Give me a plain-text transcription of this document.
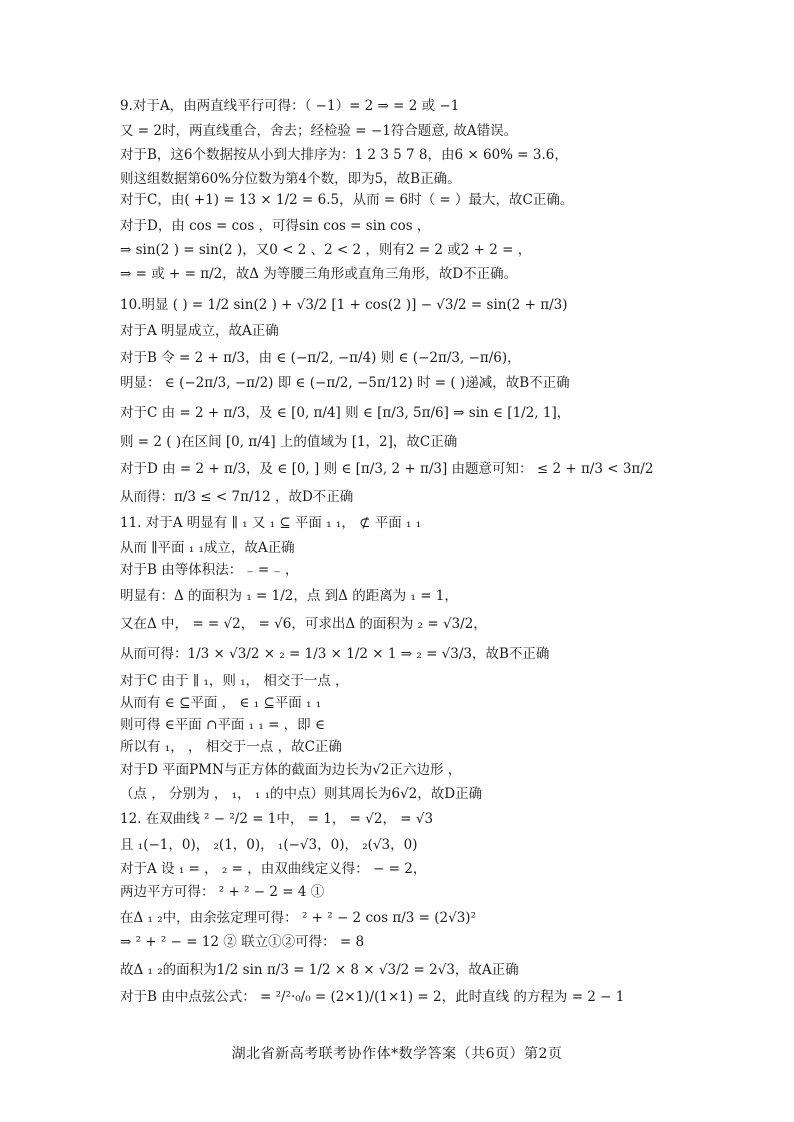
9.对于A，由两直线平行可得：（ −1）= 2 ⇒ = 2 或 −1
又 = 2时，两直线重合，舍去；经检验 = −1符合题意, 故A错误。
对于B，这6个数据按从小到大排序为：1 2 3 5 7 8，由6 × 60% = 3.6，
则这组数据第60%分位数为第4个数，即为5，故B正确。
对于C，由( +1) = 13 × 1/2 = 6.5，从而 = 6时（ = ）最大，故C正确。
对于D，由 cos = cos ，可得sin cos = sin cos ，
⇒ sin(2 ) = sin(2 )，又0 < 2 、2 < 2 ，则有2 = 2 或2 + 2 = ，
⇒ = 或 + = π/2，故Δ 为等腰三角形或直角三角形，故D不正确。
10.明显 ( ) = 1/2 sin(2 ) + √3/2 [1 + cos(2 )] − √3/2 = sin(2 + π/3)
对于A 明显成立，故A正确
对于B 令 = 2 + π/3，由 ∈ (−π/2, −π/4) 则 ∈ (−2π/3, −π/6)，
明显： ∈ (−2π/3, −π/2) 即 ∈ (−π/2, −5π/12) 时 = ( )递减，故B不正确
对于C 由 = 2 + π/3，及 ∈ [0, π/4] 则 ∈ [π/3, 5π/6] ⇒ sin ∈ [1/2, 1]，
则 = 2 ( )在区间 [0, π/4] 上的值域为 [1，2]，故C正确
对于D 由 = 2 + π/3，及 ∈ [0, ] 则 ∈ [π/3, 2 + π/3] 由题意可知： ≤ 2 + π/3 < 3π/2
从而得：π/3 ≤ < 7π/12 ，故D不正确
11. 对于A 明显有 ∥ ₁ 又 ₁ ⊆ 平面 ₁ ₁， ⊄ 平面 ₁ ₁
从而 ∥平面 ₁ ₁成立，故A正确
对于B 由等体积法： ₋ = ₋ ，
明显有：Δ 的面积为 ₁ = 1/2，点 到Δ 的距离为 ₁ = 1，
又在Δ 中， = = √2， = √6，可求出Δ 的面积为 ₂ = √3/2，
从而可得：1/3 × √3/2 × ₂ = 1/3 × 1/2 × 1 ⇒ ₂ = √3/3，故B不正确
对于C 由于 ∥ ₁，则 ₁， 相交于一点 ，
从而有 ∈ ⊆平面 ， ∈ ₁ ⊆平面 ₁ ₁
则可得 ∈平面 ∩平面 ₁ ₁ = ，即 ∈
所以有 ₁， ， 相交于一点 ，故C正确
对于D 平面PMN与正方体的截面为边长为√2正六边形 ，
（点 ， 分别为 ， ₁， ₁ ₁的中点）则其周长为6√2，故D正确
12. 在双曲线 ² − ²/2 = 1中， = 1， = √2， = √3
且 ₁(−1，0)， ₂(1，0)， ₁(−√3，0)， ₂(√3，0)
对于A 设 ₁ = ， ₂ = ，由双曲线定义得： − = 2，
两边平方可得： ² + ² − 2 = 4 ①
在Δ ₁ ₂中，由余弦定理可得： ² + ² − 2 cos π/3 = (2√3)²
⇒ ² + ² − = 12 ② 联立①②可得： = 8
故Δ ₁ ₂的面积为1/2 sin π/3 = 1/2 × 8 × √3/2 = 2√3，故A正确
对于B 由中点弦公式： = ²/²·₀/₀ = (2×1)/(1×1) = 2，此时直线 的方程为 = 2 − 1
湖北省新高考联考协作体*数学答案（共6页）第2页
